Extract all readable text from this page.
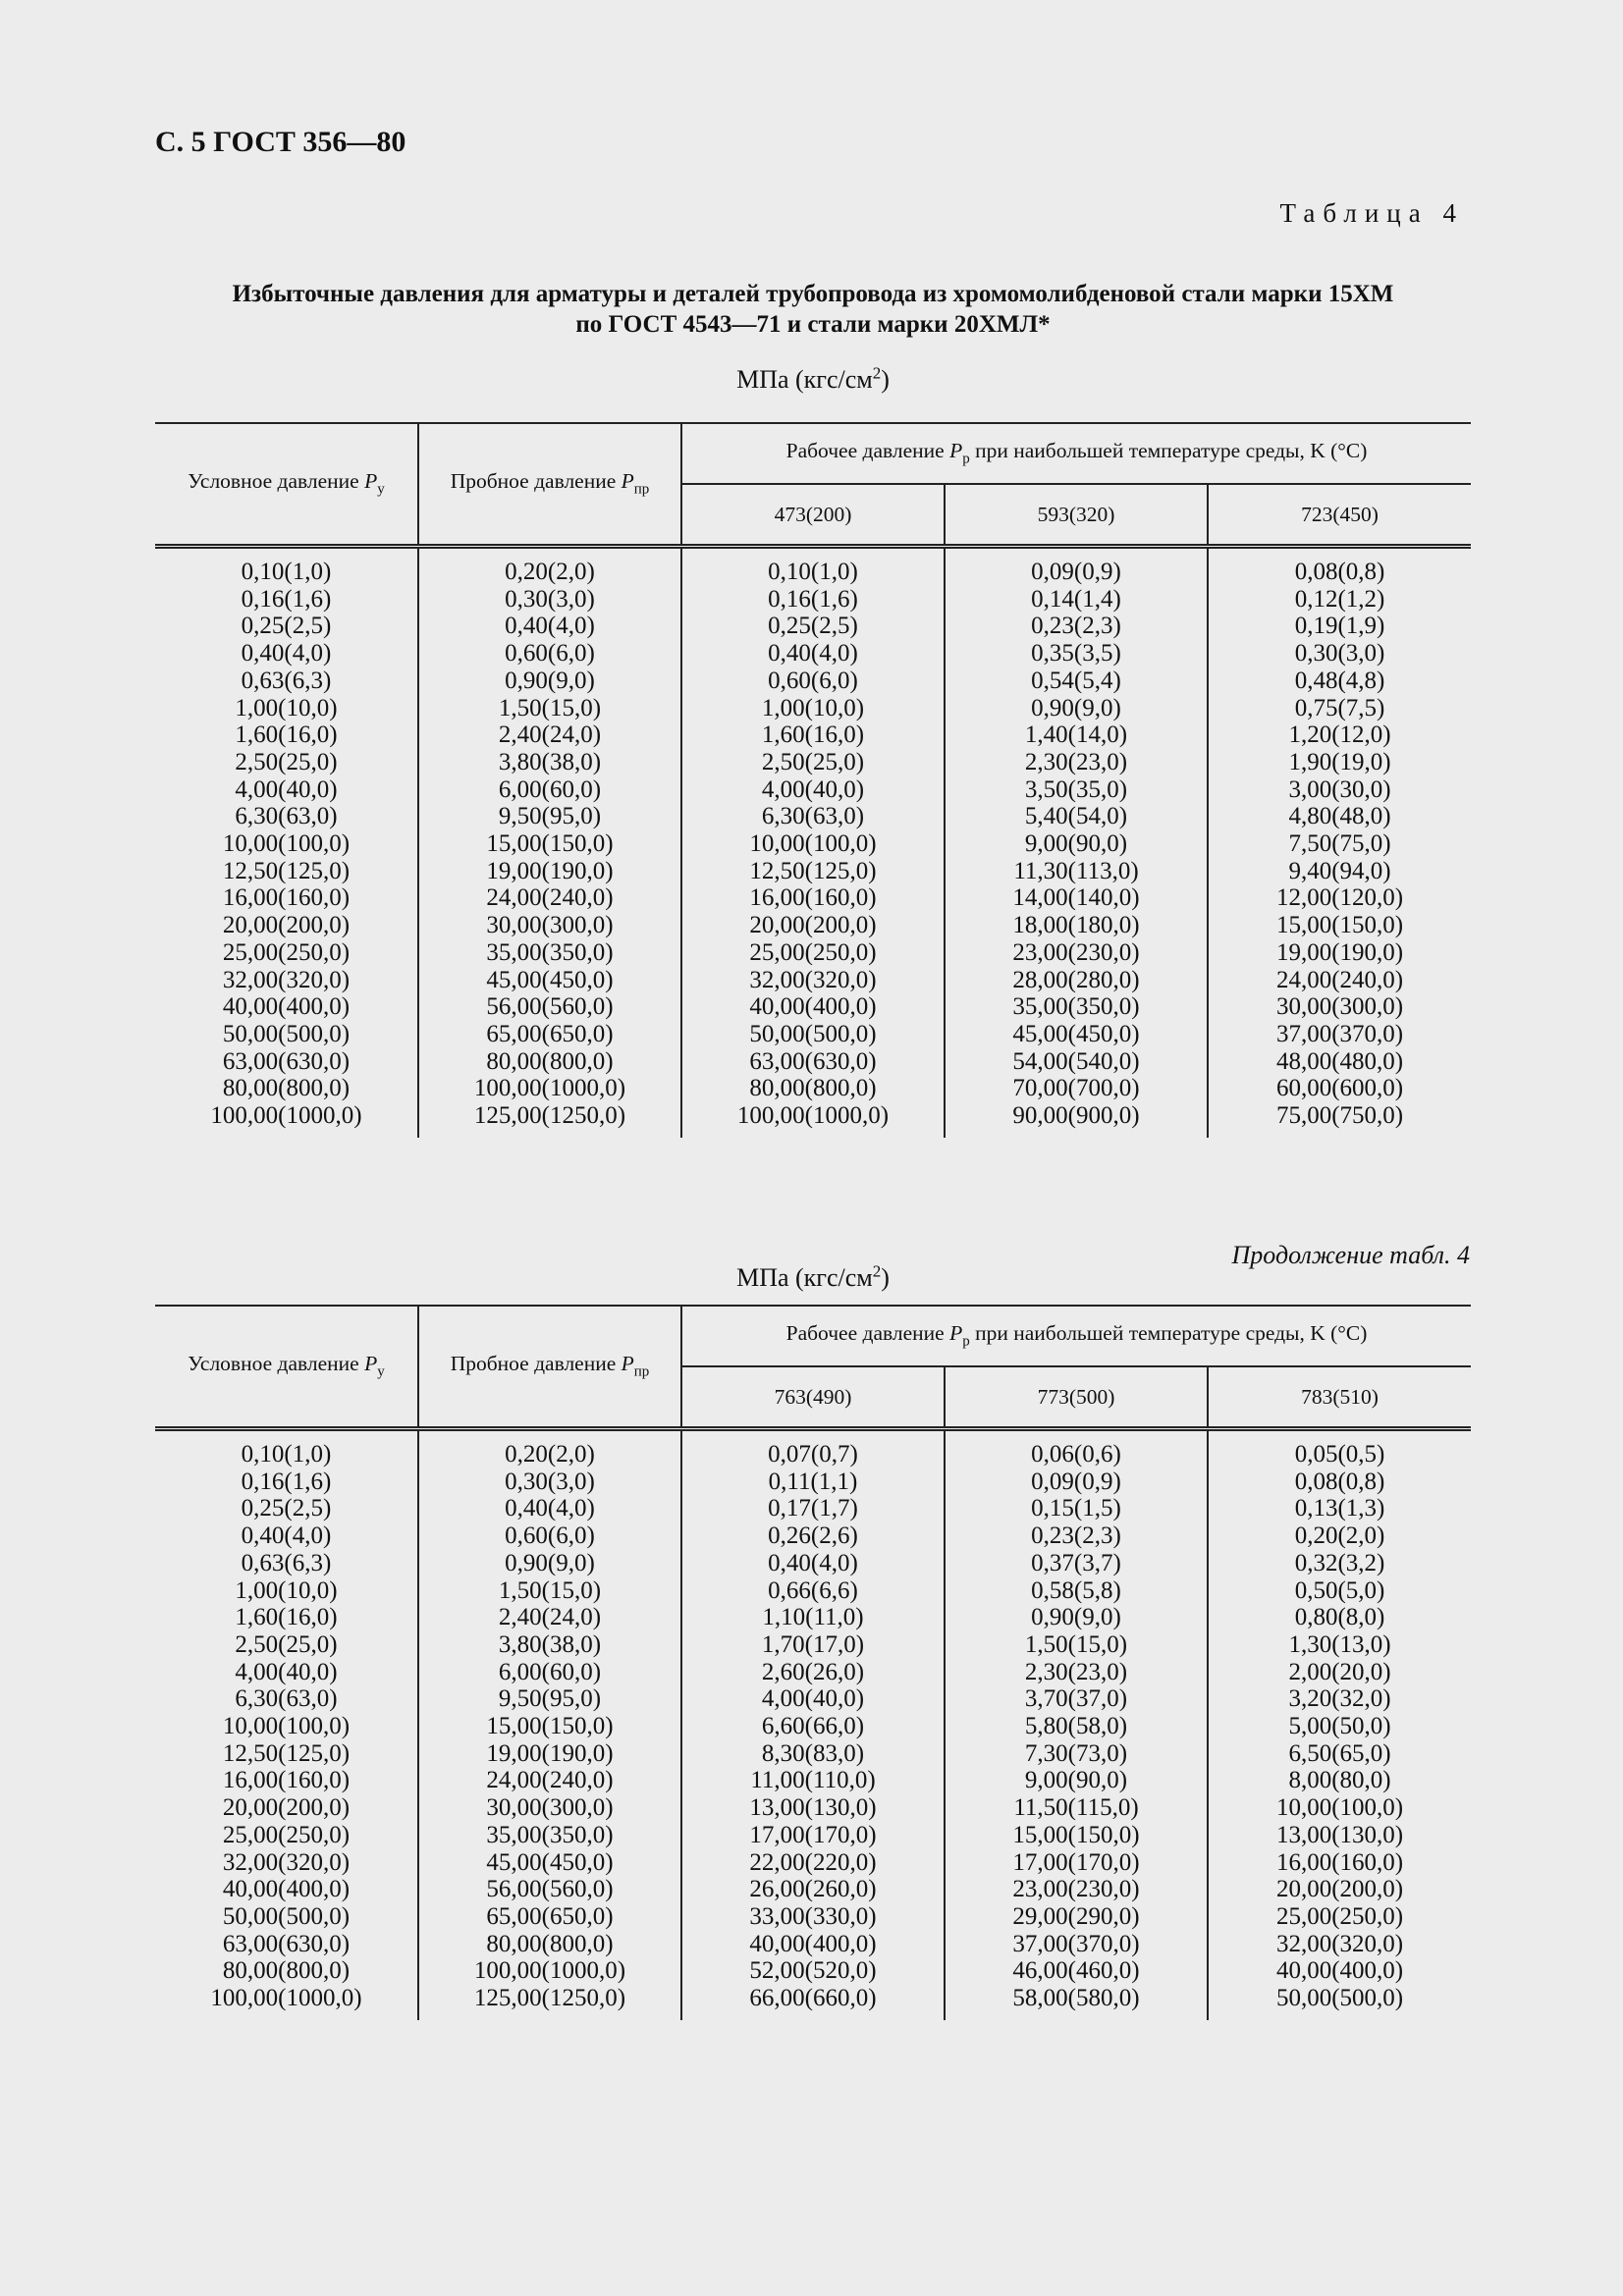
С. 5 ГОСТ 356—80
Таблица 4
Избыточные давления для арматуры и деталей трубопровода из хромомолибденовой стали марки 15ХМ
по ГОСТ 4543—71 и стали марки 20ХМЛ*
МПа $(кгс/см^2)$
Условное давление $P_у$	Пробное давление $P_{пр}$	Рабочее давление $P_р$ при наибольшей температуре среды, K (°C)		
		473(200)	593(320)	723(450)
0,10(1,0)	0,20(2,0)	0,10(1,0)	0,09(0,9)	0,08(0,8)
0,16(1,6)	0,30(3,0)	0,16(1,6)	0,14(1,4)	0,12(1,2)
0,25(2,5)	0,40(4,0)	0,25(2,5)	0,23(2,3)	0,19(1,9)
0,40(4,0)	0,60(6,0)	0,40(4,0)	0,35(3,5)	0,30(3,0)
0,63(6,3)	0,90(9,0)	0,60(6,0)	0,54(5,4)	0,48(4,8)
1,00(10,0)	1,50(15,0)	1,00(10,0)	0,90(9,0)	0,75(7,5)
1,60(16,0)	2,40(24,0)	1,60(16,0)	1,40(14,0)	1,20(12,0)
2,50(25,0)	3,80(38,0)	2,50(25,0)	2,30(23,0)	1,90(19,0)
4,00(40,0)	6,00(60,0)	4,00(40,0)	3,50(35,0)	3,00(30,0)
6,30(63,0)	9,50(95,0)	6,30(63,0)	5,40(54,0)	4,80(48,0)
10,00(100,0)	15,00(150,0)	10,00(100,0)	9,00(90,0)	7,50(75,0)
12,50(125,0)	19,00(190,0)	12,50(125,0)	11,30(113,0)	9,40(94,0)
16,00(160,0)	24,00(240,0)	16,00(160,0)	14,00(140,0)	12,00(120,0)
20,00(200,0)	30,00(300,0)	20,00(200,0)	18,00(180,0)	15,00(150,0)
25,00(250,0)	35,00(350,0)	25,00(250,0)	23,00(230,0)	19,00(190,0)
32,00(320,0)	45,00(450,0)	32,00(320,0)	28,00(280,0)	24,00(240,0)
40,00(400,0)	56,00(560,0)	40,00(400,0)	35,00(350,0)	30,00(300,0)
50,00(500,0)	65,00(650,0)	50,00(500,0)	45,00(450,0)	37,00(370,0)
63,00(630,0)	80,00(800,0)	63,00(630,0)	54,00(540,0)	48,00(480,0)
80,00(800,0)	100,00(1000,0)	80,00(800,0)	70,00(700,0)	60,00(600,0)
100,00(1000,0)	125,00(1250,0)	100,00(1000,0)	90,00(900,0)	75,00(750,0)
Продолжение табл. 4
МПа $(кгс/см^2)$
Условное давление $P_у$	Пробное давление $P_{пр}$	Рабочее давление $P_р$ при наибольшей температуре среды, K (°C)		
		763(490)	773(500)	783(510)
0,10(1,0)	0,20(2,0)	0,07(0,7)	0,06(0,6)	0,05(0,5)
0,16(1,6)	0,30(3,0)	0,11(1,1)	0,09(0,9)	0,08(0,8)
0,25(2,5)	0,40(4,0)	0,17(1,7)	0,15(1,5)	0,13(1,3)
0,40(4,0)	0,60(6,0)	0,26(2,6)	0,23(2,3)	0,20(2,0)
0,63(6,3)	0,90(9,0)	0,40(4,0)	0,37(3,7)	0,32(3,2)
1,00(10,0)	1,50(15,0)	0,66(6,6)	0,58(5,8)	0,50(5,0)
1,60(16,0)	2,40(24,0)	1,10(11,0)	0,90(9,0)	0,80(8,0)
2,50(25,0)	3,80(38,0)	1,70(17,0)	1,50(15,0)	1,30(13,0)
4,00(40,0)	6,00(60,0)	2,60(26,0)	2,30(23,0)	2,00(20,0)
6,30(63,0)	9,50(95,0)	4,00(40,0)	3,70(37,0)	3,20(32,0)
10,00(100,0)	15,00(150,0)	6,60(66,0)	5,80(58,0)	5,00(50,0)
12,50(125,0)	19,00(190,0)	8,30(83,0)	7,30(73,0)	6,50(65,0)
16,00(160,0)	24,00(240,0)	11,00(110,0)	9,00(90,0)	8,00(80,0)
20,00(200,0)	30,00(300,0)	13,00(130,0)	11,50(115,0)	10,00(100,0)
25,00(250,0)	35,00(350,0)	17,00(170,0)	15,00(150,0)	13,00(130,0)
32,00(320,0)	45,00(450,0)	22,00(220,0)	17,00(170,0)	16,00(160,0)
40,00(400,0)	56,00(560,0)	26,00(260,0)	23,00(230,0)	20,00(200,0)
50,00(500,0)	65,00(650,0)	33,00(330,0)	29,00(290,0)	25,00(250,0)
63,00(630,0)	80,00(800,0)	40,00(400,0)	37,00(370,0)	32,00(320,0)
80,00(800,0)	100,00(1000,0)	52,00(520,0)	46,00(460,0)	40,00(400,0)
100,00(1000,0)	125,00(1250,0)	66,00(660,0)	58,00(580,0)	50,00(500,0)
